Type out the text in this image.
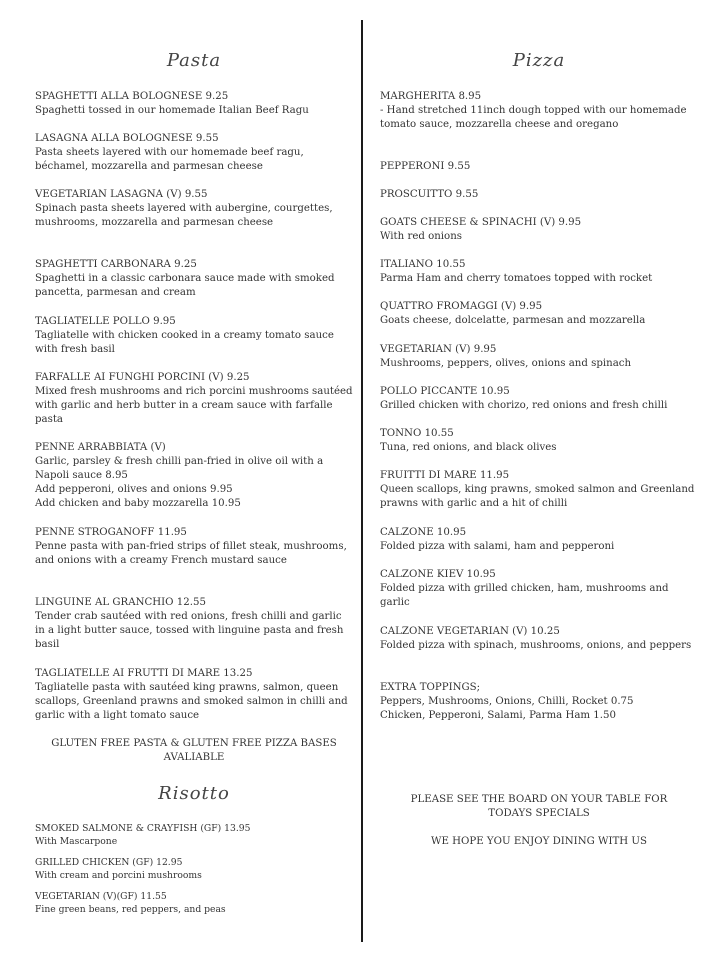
Pasta
SPAGHETTI ALLA BOLOGNESE 9.25
Spaghetti tossed in our homemade Italian Beef Ragu
LASAGNA ALLA BOLOGNESE 9.55
Pasta sheets layered with our homemade beef ragu, béchamel, mozzarella and parmesan cheese
VEGETARIAN LASAGNA (V) 9.55
Spinach pasta sheets layered with aubergine, courgettes, mushrooms, mozzarella and parmesan cheese
SPAGHETTI CARBONARA 9.25
Spaghetti in a classic carbonara sauce made with smoked pancetta, parmesan and cream
TAGLIATELLE POLLO 9.95
Tagliatelle with chicken cooked in a creamy tomato sauce with fresh basil
FARFALLE AI FUNGHI PORCINI (V) 9.25
Mixed fresh mushrooms and rich porcini mushrooms sautéed with garlic and herb butter in a cream sauce with farfalle pasta
PENNE ARRABBIATA (V)
Garlic, parsley & fresh chilli pan-fried in olive oil with a Napoli sauce 8.95
Add pepperoni, olives and onions 9.95
Add chicken and baby mozzarella 10.95
PENNE STROGANOFF 11.95
Penne pasta with pan-fried strips of fillet steak, mushrooms, and onions with a creamy French mustard sauce
LINGUINE AL GRANCHIO 12.55
Tender crab sautéed with red onions, fresh chilli and garlic in a light butter sauce, tossed with linguine pasta and fresh basil
TAGLIATELLE AI FRUTTI DI MARE 13.25
Tagliatelle pasta with sautéed king prawns, salmon, queen scallops, Greenland prawns and smoked salmon in chilli and garlic with a light tomato sauce
GLUTEN FREE PASTA & GLUTEN FREE PIZZA BASES
AVALIABLE
Risotto
SMOKED SALMONE & CRAYFISH (GF) 13.95
With Mascarpone
GRILLED CHICKEN (GF) 12.95
With cream and porcini mushrooms
VEGETARIAN (V)(GF) 11.55
Fine green beans, red peppers, and peas
Pizza
MARGHERITA 8.95
- Hand stretched 11inch dough topped with our homemade tomato sauce, mozzarella cheese and oregano
PEPPERONI 9.55
PROSCUITTO 9.55
GOATS CHEESE & SPINACHI (V) 9.95
With red onions
ITALIANO 10.55
Parma Ham and cherry tomatoes topped with rocket
QUATTRO FROMAGGI (V) 9.95
Goats cheese, dolcelatte, parmesan and mozzarella
VEGETARIAN (V) 9.95
Mushrooms, peppers, olives, onions and spinach
POLLO PICCANTE 10.95
Grilled chicken with chorizo, red onions and fresh chilli
TONNO 10.55
Tuna, red onions, and black olives
FRUITTI DI MARE 11.95
Queen scallops, king prawns, smoked salmon and Greenland prawns with garlic and a hit of chilli
CALZONE 10.95
Folded pizza with salami, ham and pepperoni
CALZONE KIEV 10.95
Folded pizza with grilled chicken, ham, mushrooms and garlic
CALZONE VEGETARIAN (V) 10.25
Folded pizza with spinach, mushrooms, onions, and peppers
EXTRA TOPPINGS;
Peppers, Mushrooms, Onions, Chilli, Rocket 0.75
Chicken, Pepperoni, Salami, Parma Ham 1.50
PLEASE SEE THE BOARD ON YOUR TABLE FOR
TODAYS SPECIALS
WE HOPE YOU ENJOY DINING WITH US
